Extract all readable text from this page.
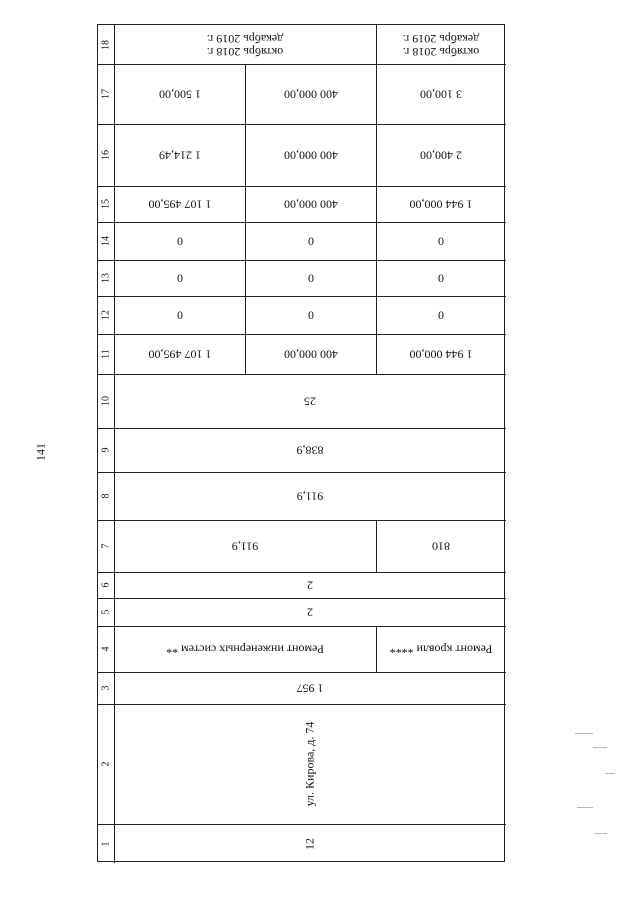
141
18
17
16
15
14
13
12
11
10
9
8
7
6
5
4
3
2
1
1 944 000,00
400 000,00
1 107 495,00
0
0
0
0
0
0
0
0
0
1 944 000,00
400 000,00
1 107 495,00
2 400,00
400 000,00
1 214,49
3 100,00
400 000,00
1 500,00
октябрь 2018 г.
декабрь 2019 г.
октябрь 2018 г.
декабрь 2019 г.
810
911,9
Ремонт кровли ****
Ремонт инженерных систем **
25
838,9
911,9
2
2
1 957
ул. Кирова, д. 74
12
